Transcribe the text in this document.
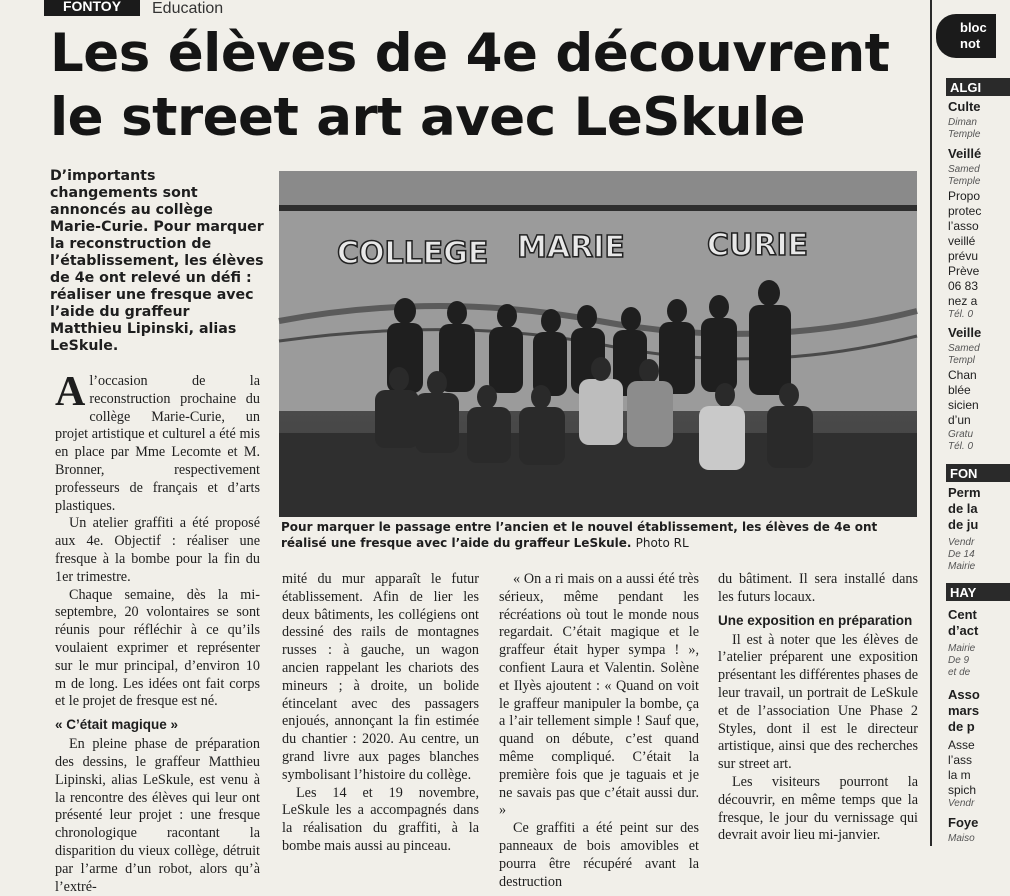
FONTOY	Education
Les élèves de 4e découvrent
le street art avec LeSkule
D’importants changements sont annoncés au collège Marie-Curie. Pour marquer la reconstruction de l’établissement, les élèves de 4e ont relevé un défi : réaliser une fresque avec l’aide du graffeur Matthieu Lipinski, alias LeSkule.
COLLEGE MARIE	CURIE
Pour marquer le passage entre l’ancien et le nouvel établissement, les élèves de 4e ont réalisé une fresque avec l’aide du graffeur LeSkule. Photo RL

Al’occasion de la reconstruction prochaine du collège Marie-Curie, un projet artistique et culturel a été mis en place par Mme Lecomte et M. Bronner, respectivement professeurs de français et d’arts plastiques.

Un atelier graffiti a été proposé aux 4e. Objectif : réaliser une fresque à la bombe pour la fin du 1er trimestre.

Chaque semaine, dès la mi-septembre, 20 volontaires se sont réunis pour réfléchir à ce qu’ils voulaient exprimer et représenter sur le mur principal, d’environ 10 m de long. Les idées ont fait corps et le projet de fresque est né.

« C’était magique »

En pleine phase de préparation des dessins, le graffeur Matthieu Lipinski, alias LeSkule, est venu à la rencontre des élèves qui leur ont présenté leur projet : une fresque chronologique racontant la disparition du vieux collège, détruit par l’arme d’un robot, alors qu’à l’extré-

mité du mur apparaît le futur établissement. Afin de lier les deux bâtiments, les collégiens ont dessiné des rails de montagnes russes : à gauche, un wagon ancien rappelant les chariots des mineurs ; à droite, un bolide étincelant avec des passagers enjoués, annonçant la fin estimée du chantier : 2020. Au centre, un grand livre aux pages blanches symbolisant l’histoire du collège.

Les 14 et 19 novembre, LeSkule les a accompagnés dans la réalisation du graffiti, à la bombe mais aussi au pinceau.

« On a ri mais on a aussi été très sérieux, même pendant les récréations où tout le monde nous regardait. C’était magique et le graffeur était hyper sympa ! », confient Laura et Valentin. Solène et Ilyès ajoutent : « Quand on voit le graffeur manipuler la bombe, ça a l’air tellement simple ! Sauf que, quand on débute, c’est quand même compliqué. C’était la première fois que je taguais et je ne savais pas que c’était aussi dur. »

Ce graffiti a été peint sur des panneaux de bois amovibles et pourra être récupéré avant la destruction

du bâtiment. Il sera installé dans les futurs locaux.

Une exposition en préparation

Il est à noter que les élèves de l’atelier préparent une exposition présentant les différentes phases de leur travail, un portrait de LeSkule et de l’association Une Phase 2 Styles, dont il est le directeur artistique, ainsi que des recherches sur street art.

Les visiteurs pourront la découvrir, en même temps que la fresque, le jour du vernissage qui devrait avoir lieu mi-janvier.

bloc not
ALGI
FON
HAY
Culte
Diman
Temple
Veillé
Samed
Temple
Propo
protec
l’asso
veillé
prévu
Prève
06 83
nez a
Tél. 0
Veille
Samed
Templ
Chan
blée
sicien
d’un
Gratu
Tél. 0
Perm
de la
de ju
Vendr
De 14
Mairie
Cent
d’act
Mairie
De 9
et de
Asso
mars
de p
Asse
l’ass
la m
spich
Vendr
Foye
Maiso
